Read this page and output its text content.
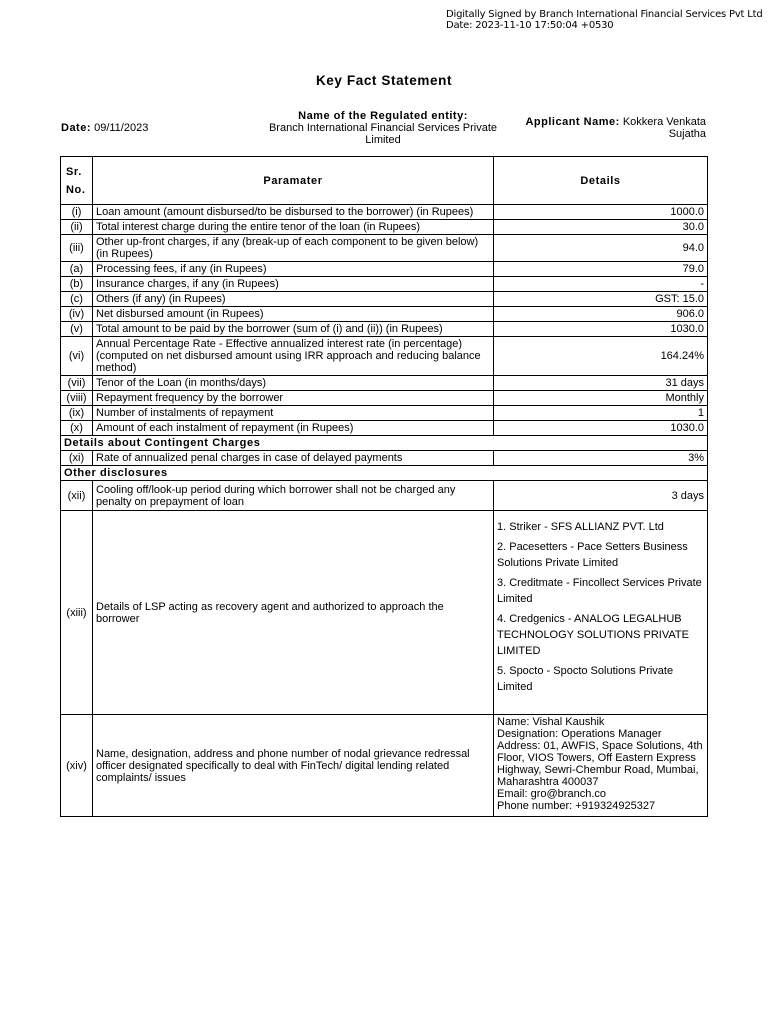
Digitally Signed by Branch International Financial Services Pvt Ltd
Date: 2023-11-10 17:50:04 +0530
Key Fact Statement
Date: 09/11/2023
Name of the Regulated entity:
Branch International Financial Services Private Limited
Applicant Name: Kokkera Venkata Sujatha
Sr. No.	Paramater	Details
(i)	Loan amount (amount disbursed/to be disbursed to the borrower) (in Rupees)	1000.0
(ii)	Total interest charge during the entire tenor of the loan (in Rupees)	30.0
(iii)	Other up-front charges, if any (break-up of each component to be given below) (in Rupees)	94.0
(a)	Processing fees, if any (in Rupees)	79.0
(b)	Insurance charges, if any (in Rupees)	-
(c)	Others (if any) (in Rupees)	GST: 15.0
(iv)	Net disbursed amount (in Rupees)	906.0
(v)	Total amount to be paid by the borrower (sum of (i) and (ii)) (in Rupees)	1030.0
(vi)	Annual Percentage Rate - Effective annualized interest rate (in percentage) (computed on net disbursed amount using IRR approach and reducing balance method)	164.24%
(vii)	Tenor of the Loan (in months/days)	31 days
(viii)	Repayment frequency by the borrower	Monthly
(ix)	Number of instalments of repayment	1
(x)	Amount of each instalment of repayment (in Rupees)	1030.0
Details about Contingent Charges		
(xi)	Rate of annualized penal charges in case of delayed payments	3%
Other disclosures		
(xii)	Cooling off/look-up period during which borrower shall not be charged any penalty on prepayment of loan	3 days
(xiii)	Details of LSP acting as recovery agent and authorized to approach the borrower	1. Striker - SFS ALLIANZ PVT. Ltd
2. Pacesetters - Pace Setters Business Solutions Private Limited
3. Creditmate - Fincollect Services Private Limited
4. Credgenics - ANALOG LEGALHUB TECHNOLOGY SOLUTIONS PRIVATE LIMITED
5. Spocto - Spocto Solutions Private Limited

(xiv)	Name, designation, address and phone number of nodal grievance redressal officer designated specifically to deal with FinTech/ digital lending related complaints/ issues	Name: Vishal Kaushik
Designation: Operations Manager
Address: 01, AWFIS, Space Solutions, 4th Floor, VIOS Towers, Off Eastern Express Highway, Sewri-Chembur Road, Mumbai, Maharashtra 400037
Email: gro@branch.co
Phone number: +919324925327
